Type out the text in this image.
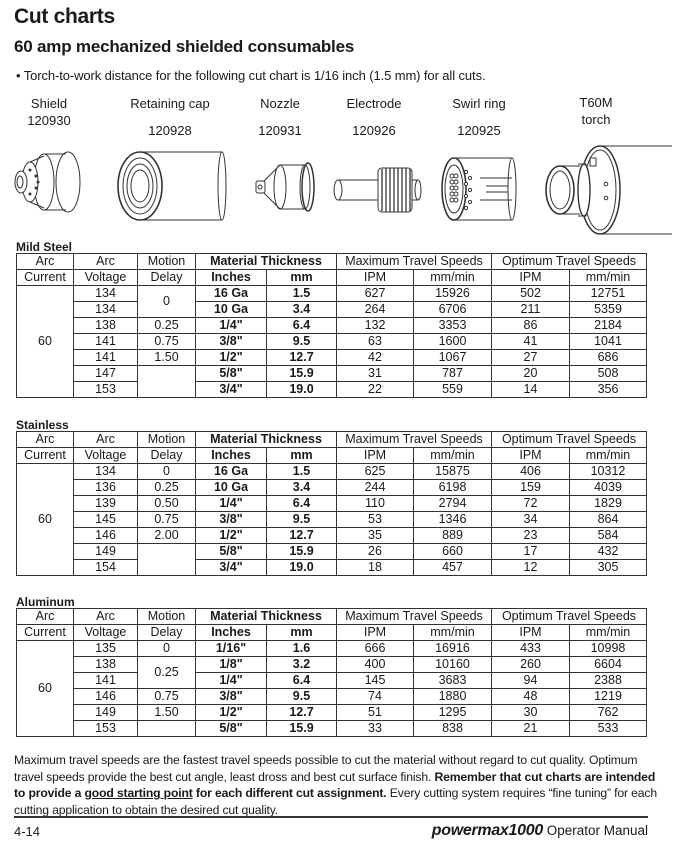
Cut charts
60 amp mechanized shielded consumables
• Torch-to-work distance for the following cut chart is 1/16 inch (1.5 mm) for all cuts.
Shield
120930
Retaining cap
120928
Nozzle
120931
Electrode
120926
Swirl ring
120925
T60M
torch
Mild Steel
Arc	Arc	Motion	Material Thickness		Maximum Travel Speeds		Optimum Travel Speeds	
Current	Voltage	Delay	Inches	mm	IPM	mm/min	IPM	mm/min
60	134	0	16 Ga	1.5	627	15926	502	12751
	134		10 Ga	3.4	264	6706	211	5359
	138	0.25	1/4"	6.4	132	3353	86	2184
	141	0.75	3/8"	9.5	63	1600	41	1041
	141	1.50	1/2"	12.7	42	1067	27	686
	147		5/8"	15.9	31	787	20	508
	153		3/4"	19.0	22	559	14	356
Stainless
Arc	Arc	Motion	Material Thickness		Maximum Travel Speeds		Optimum Travel Speeds	
Current	Voltage	Delay	Inches	mm	IPM	mm/min	IPM	mm/min
60	134	0	16 Ga	1.5	625	15875	406	10312
	136	0.25	10 Ga	3.4	244	6198	159	4039
	139	0.50	1/4"	6.4	110	2794	72	1829
	145	0.75	3/8"	9.5	53	1346	34	864
	146	2.00	1/2"	12.7	35	889	23	584
	149		5/8"	15.9	26	660	17	432
	154		3/4"	19.0	18	457	12	305
Aluminum
Arc	Arc	Motion	Material Thickness		Maximum Travel Speeds		Optimum Travel Speeds	
Current	Voltage	Delay	Inches	mm	IPM	mm/min	IPM	mm/min
60	135	0	1/16"	1.6	666	16916	433	10998
	138	0.25	1/8"	3.2	400	10160	260	6604
	141		1/4"	6.4	145	3683	94	2388
	146	0.75	3/8"	9.5	74	1880	48	1219
	149	1.50	1/2"	12.7	51	1295	30	762
	153		5/8"	15.9	33	838	21	533
Maximum travel speeds are the fastest travel speeds possible to cut the material without regard to cut quality. Optimum travel speeds provide the best cut angle, least dross and best cut surface finish. Remember that cut charts are intended to provide a good starting point for each different cut assignment. Every cutting system requires “fine tuning” for each cutting application to obtain the desired cut quality.
4-14	powermax1000 Operator Manual
